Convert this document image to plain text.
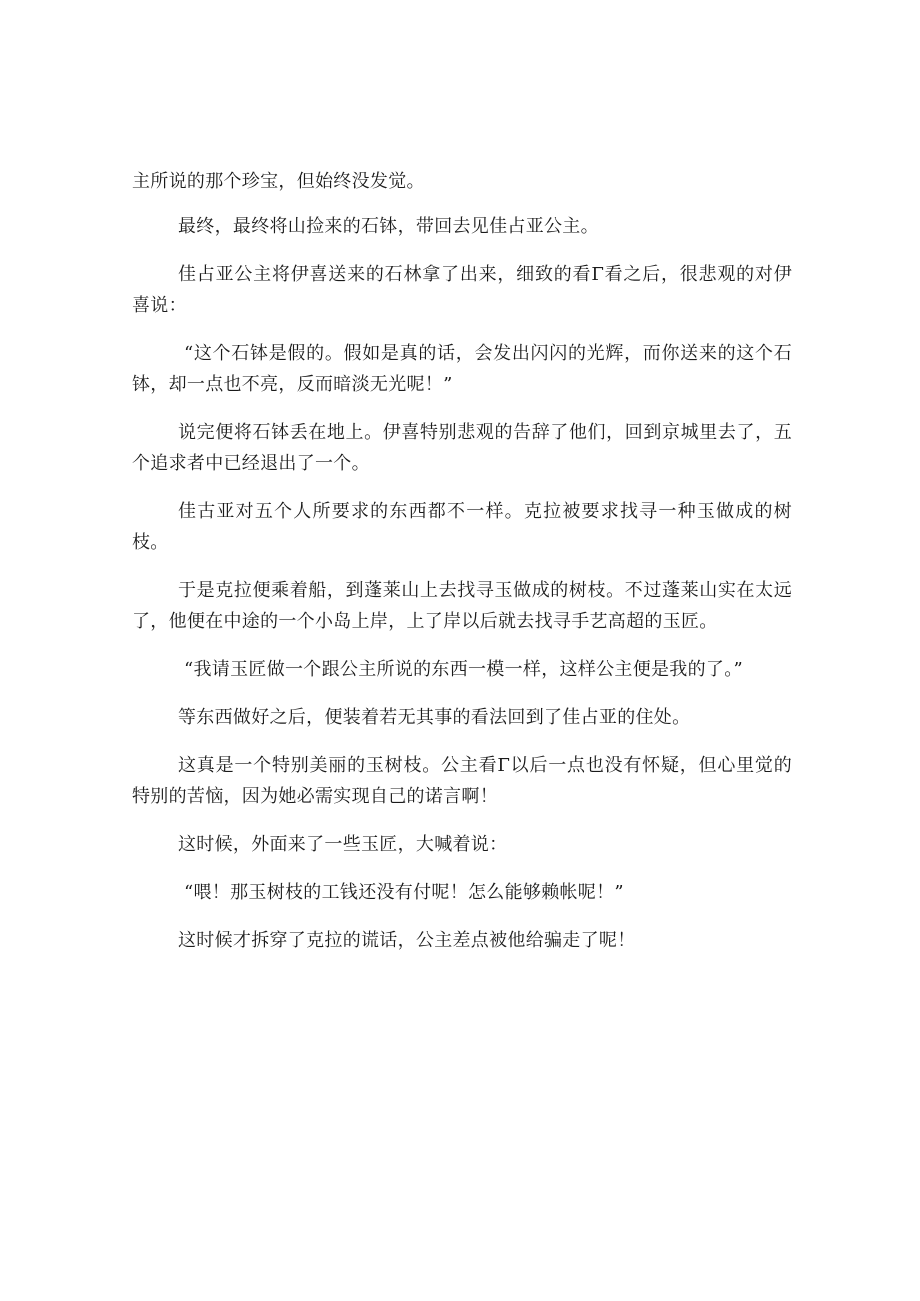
主所说的那个珍宝，但始终没发觉。

最终，最终将山捡来的石钵，带回去见佳占亚公主。

佳占亚公主将伊喜送来的石林拿了出来，细致的看Γ看之后，很悲观的对伊喜说：

“这个石钵是假的。假如是真的话，会发出闪闪的光辉，而你送来的这个石钵，却一点也不亮，反而暗淡无光呢！”

说完便将石钵丢在地上。伊喜特别悲观的告辞了他们，回到京城里去了，五个追求者中已经退出了一个。

佳古亚对五个人所要求的东西都不一样。克拉被要求找寻一种玉做成的树枝。

于是克拉便乘着船，到蓬莱山上去找寻玉做成的树枝。不过蓬莱山实在太远了，他便在中途的一个小岛上岸，上了岸以后就去找寻手艺高超的玉匠。

“我请玉匠做一个跟公主所说的东西一模一样，这样公主便是我的了。”

等东西做好之后，便装着若无其事的看法回到了佳占亚的住处。

这真是一个特别美丽的玉树枝。公主看Γ以后一点也没有怀疑，但心里觉的特别的苦恼，因为她必需实现自己的诺言啊！

这时候，外面来了一些玉匠，大喊着说：

“喂！那玉树枝的工钱还没有付呢！怎么能够赖帐呢！”

这时候才拆穿了克拉的谎话，公主差点被他给骗走了呢！
